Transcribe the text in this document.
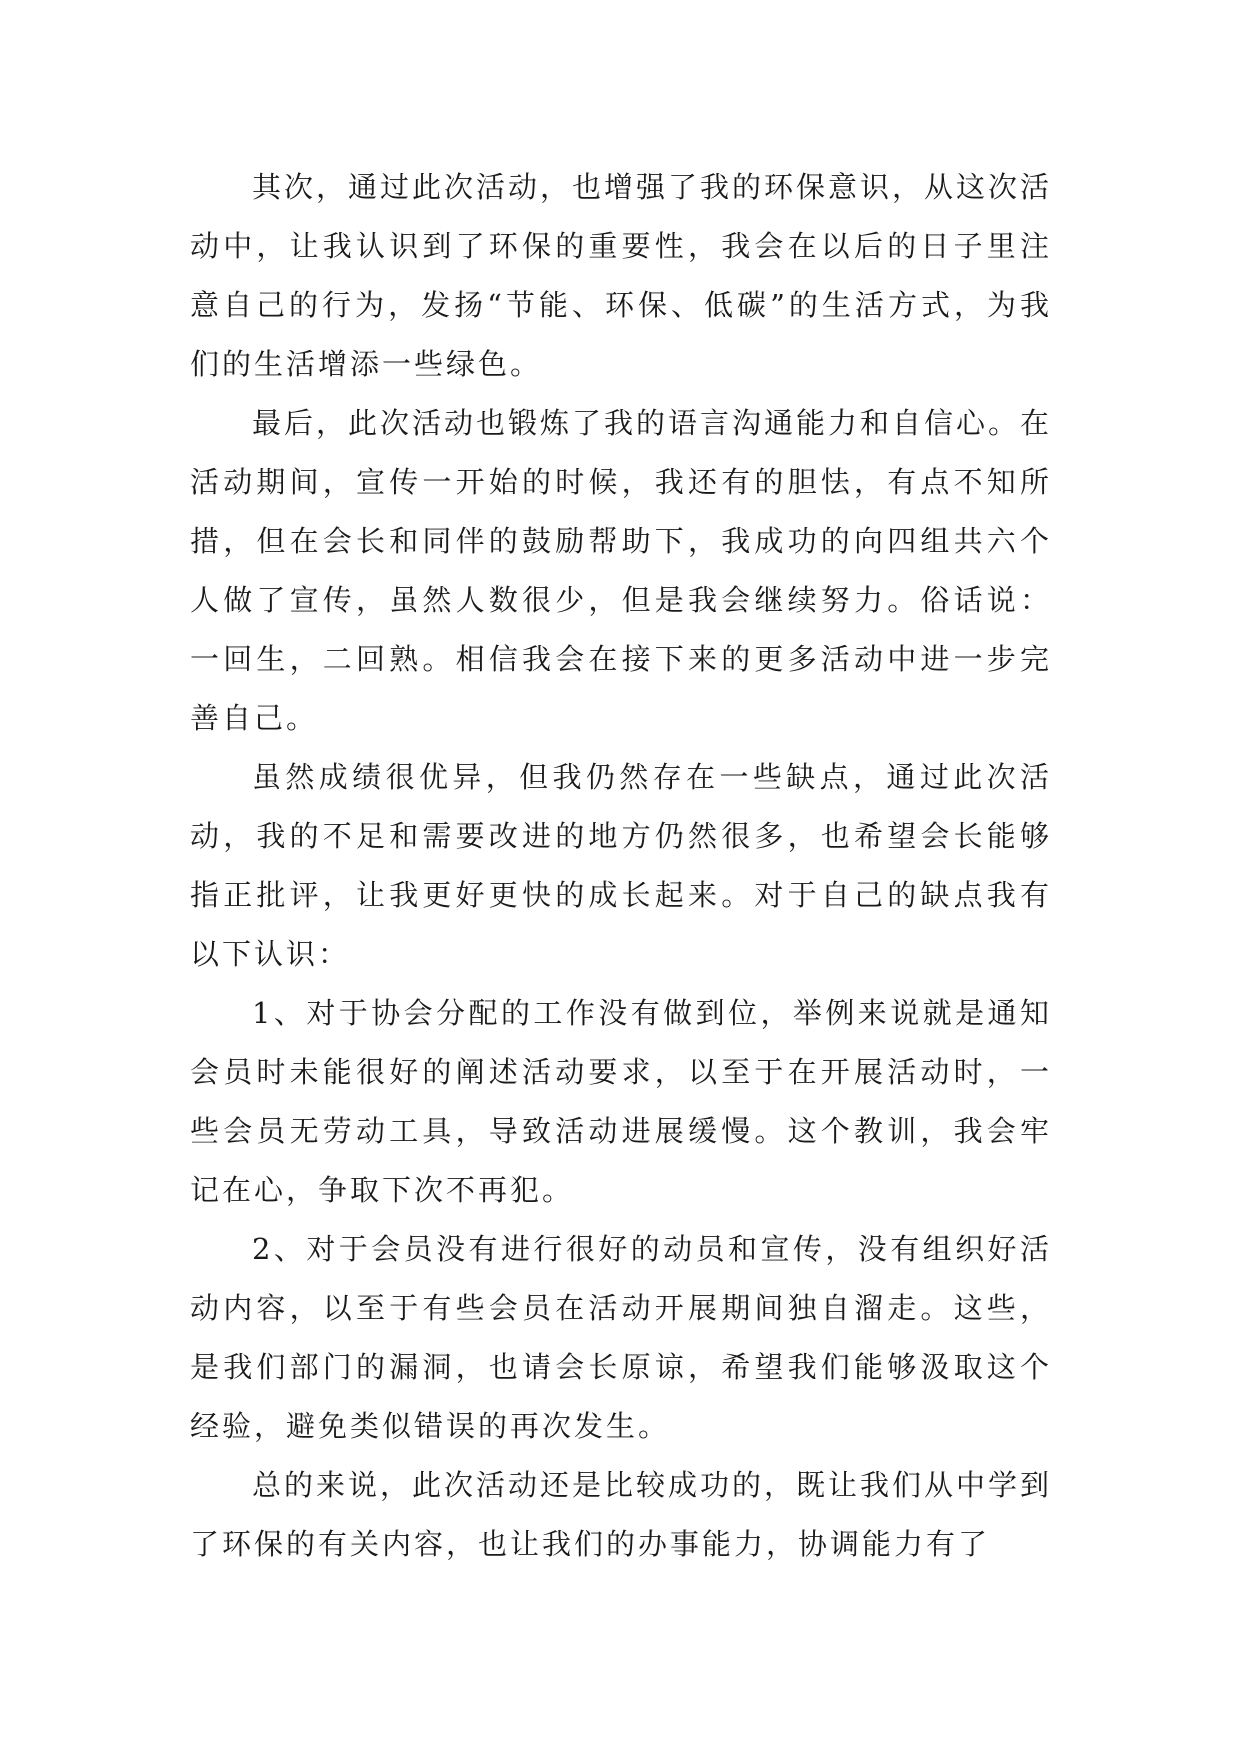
其次，通过此次活动，也增强了我的环保意识，从这次活动中，让我认识到了环保的重要性，我会在以后的日子里注意自己的行为，发扬“节能、环保、低碳”的生活方式，为我们的生活增添一些绿色。

最后，此次活动也锻炼了我的语言沟通能力和自信心。在活动期间，宣传一开始的时候，我还有的胆怯，有点不知所措，但在会长和同伴的鼓励帮助下，我成功的向四组共六个人做了宣传，虽然人数很少，但是我会继续努力。俗话说：一回生，二回熟。相信我会在接下来的更多活动中进一步完善自己。

虽然成绩很优异，但我仍然存在一些缺点，通过此次活动，我的不足和需要改进的地方仍然很多，也希望会长能够指正批评，让我更好更快的成长起来。对于自己的缺点我有以下认识：

1、对于协会分配的工作没有做到位，举例来说就是通知会员时未能很好的阐述活动要求，以至于在开展活动时，一些会员无劳动工具，导致活动进展缓慢。这个教训，我会牢记在心，争取下次不再犯。

2、对于会员没有进行很好的动员和宣传，没有组织好活动内容，以至于有些会员在活动开展期间独自溜走。这些，是我们部门的漏洞，也请会长原谅，希望我们能够汲取这个经验，避免类似错误的再次发生。

总的来说，此次活动还是比较成功的，既让我们从中学到了环保的有关内容，也让我们的办事能力，协调能力有了
